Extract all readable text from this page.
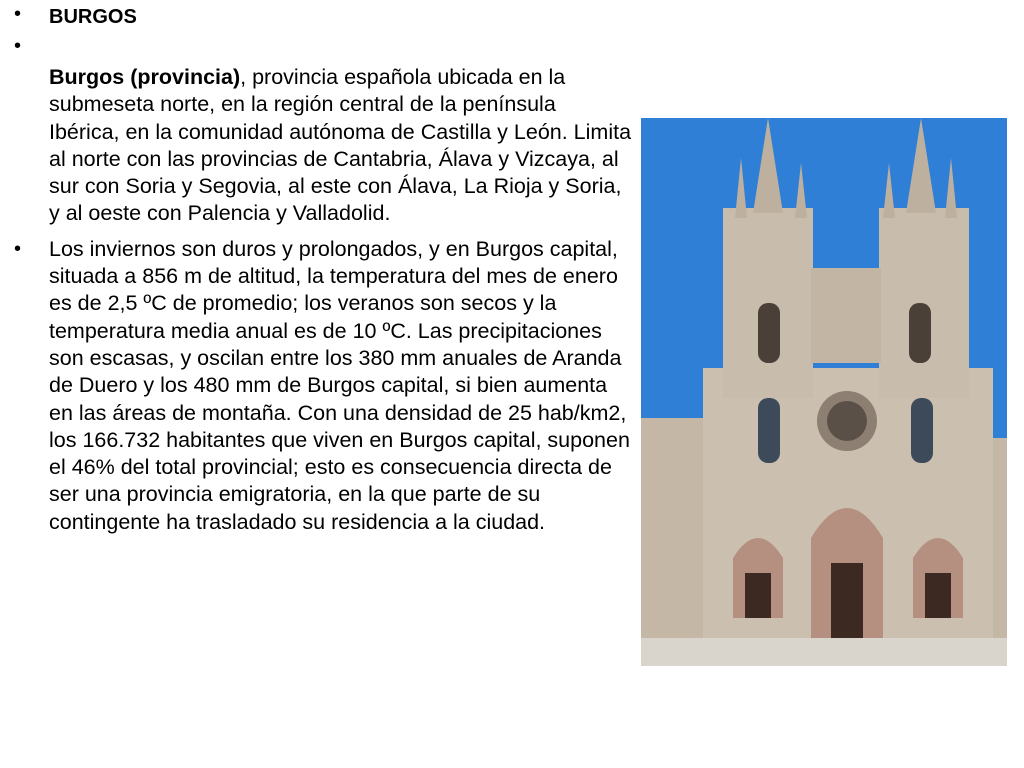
• BURGOS
•
Burgos (provincia), provincia española ubicada en la submeseta norte, en la región central de la península Ibérica, en la comunidad autónoma de Castilla y León. Limita al norte con las provincias de Cantabria, Álava y Vizcaya, al sur con Soria y Segovia, al este con Álava, La Rioja y Soria, y al oeste con Palencia y Valladolid.
• Los inviernos son duros y prolongados, y en Burgos capital, situada a 856 m de altitud, la temperatura del mes de enero es de 2,5 ºC de promedio; los veranos son secos y la temperatura media anual es de 10 ºC. Las precipitaciones son escasas, y oscilan entre los 380 mm anuales de Aranda de Duero y los 480 mm de Burgos capital, si bien aumenta en las áreas de montaña. Con una densidad de 25 hab/km2, los 166.732 habitantes que viven en Burgos capital, suponen el 46% del total provincial; esto es consecuencia directa de ser una provincia emigratoria, en la que parte de su contingente ha trasladado su residencia a la ciudad.
